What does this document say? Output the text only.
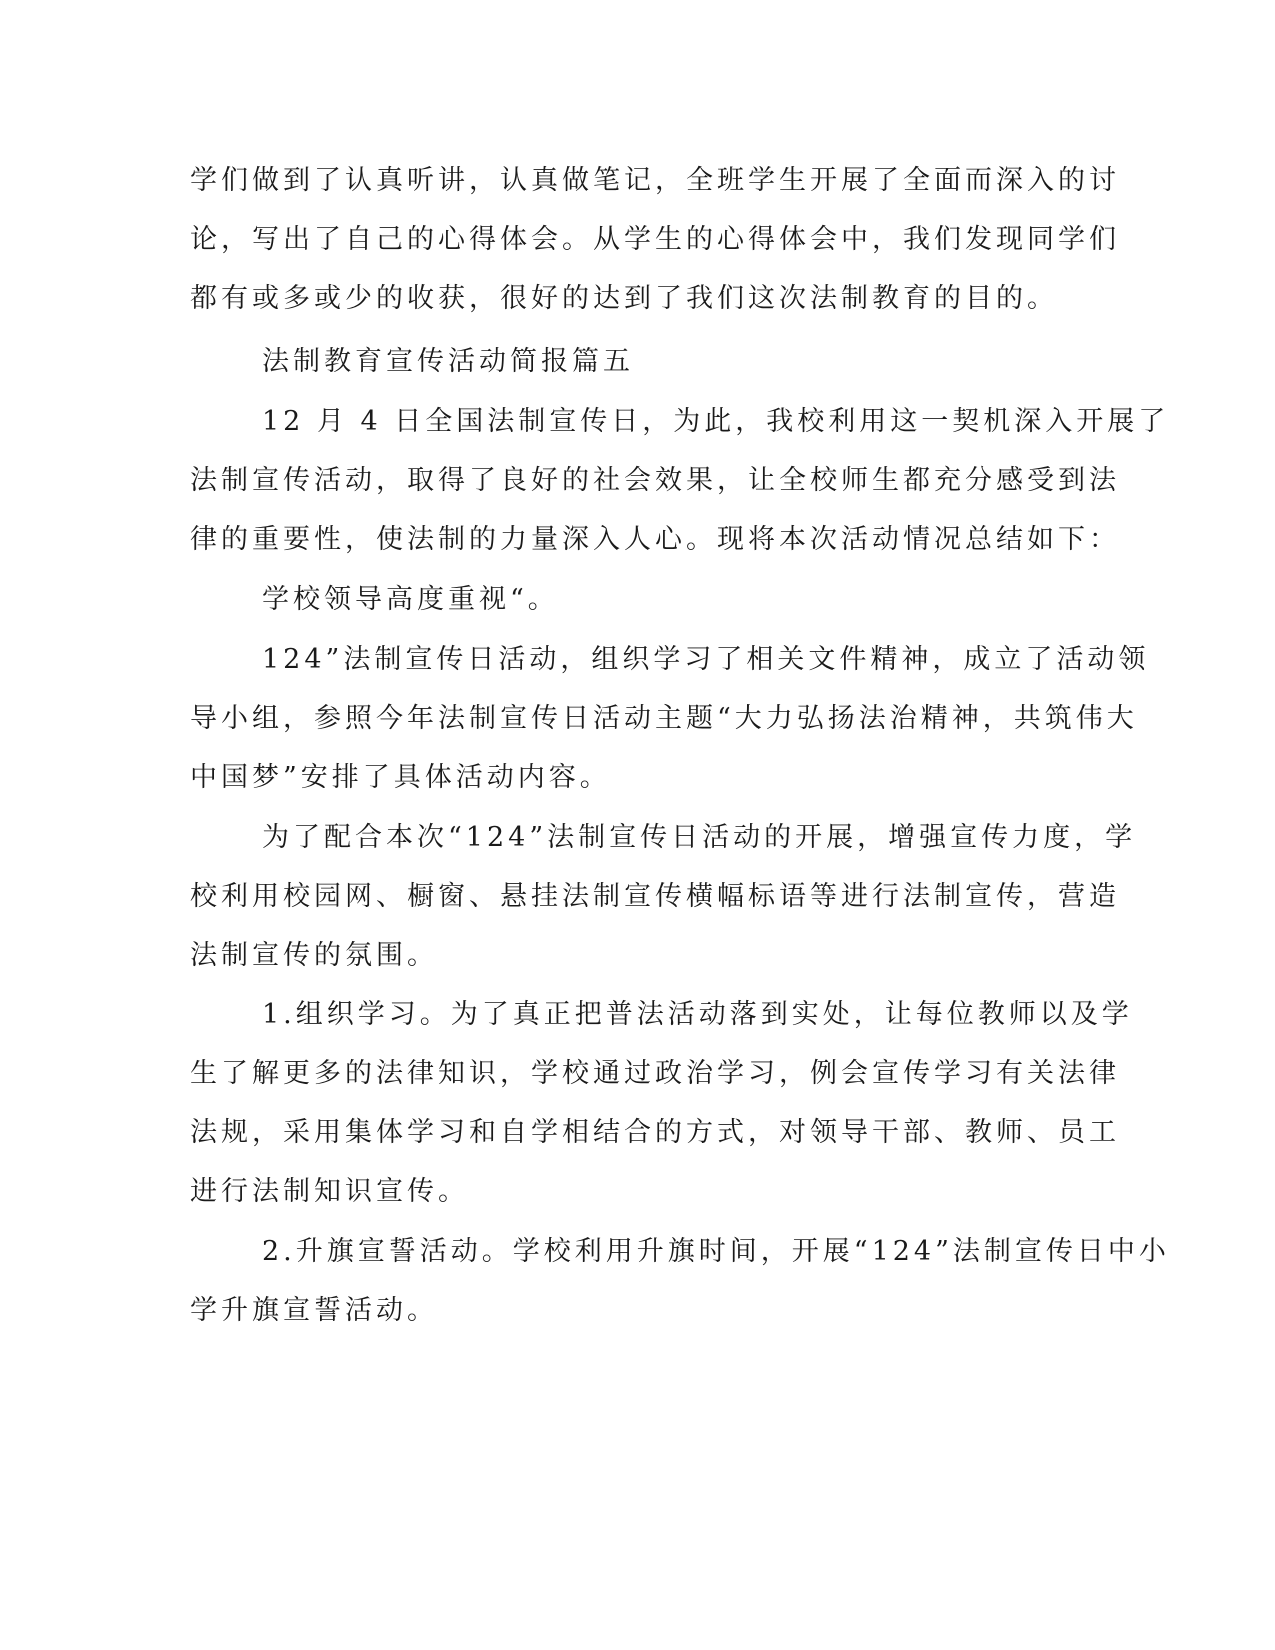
学们做到了认真听讲，认真做笔记，全班学生开展了全面而深入的讨

论，写出了自己的心得体会。从学生的心得体会中，我们发现同学们

都有或多或少的收获，很好的达到了我们这次法制教育的目的。

法制教育宣传活动简报篇五

12 月 4 日全国法制宣传日，为此，我校利用这一契机深入开展了

法制宣传活动，取得了良好的社会效果，让全校师生都充分感受到法

律的重要性，使法制的力量深入人心。现将本次活动情况总结如下：

学校领导高度重视“。

124”法制宣传日活动，组织学习了相关文件精神，成立了活动领

导小组，参照今年法制宣传日活动主题“大力弘扬法治精神，共筑伟大

中国梦”安排了具体活动内容。

为了配合本次“124”法制宣传日活动的开展，增强宣传力度，学

校利用校园网、橱窗、悬挂法制宣传横幅标语等进行法制宣传，营造

法制宣传的氛围。

1.组织学习。为了真正把普法活动落到实处，让每位教师以及学

生了解更多的法律知识，学校通过政治学习，例会宣传学习有关法律

法规，采用集体学习和自学相结合的方式，对领导干部、教师、员工

进行法制知识宣传。

2.升旗宣誓活动。学校利用升旗时间，开展“124”法制宣传日中小

学升旗宣誓活动。
